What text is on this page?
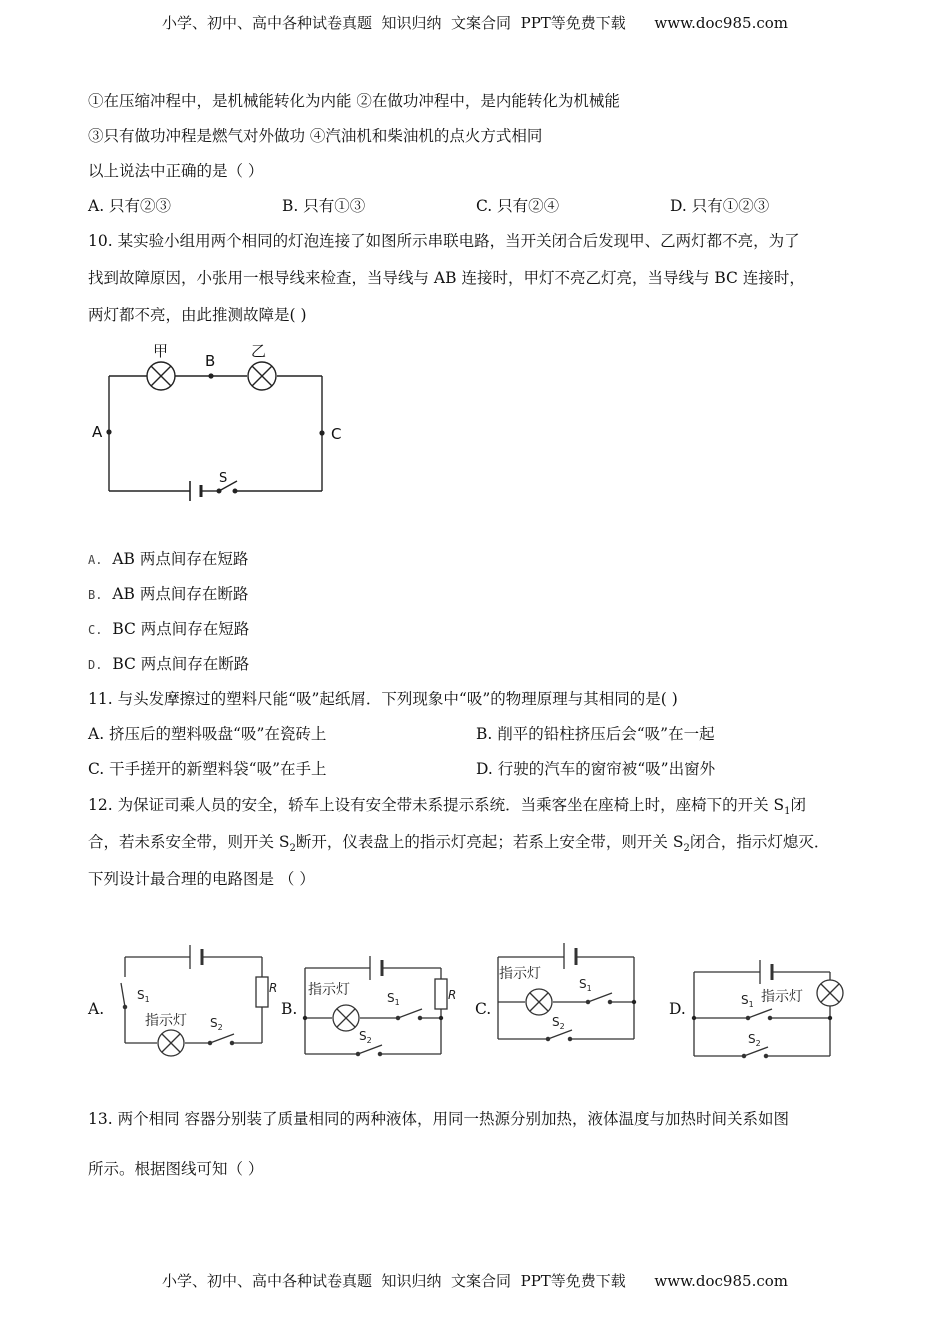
小学、初中、高中各种试卷真题  知识归纳  文案合同  PPT等免费下载      www.doc985.com
①在压缩冲程中，是机械能转化为内能 ②在做功冲程中，是内能转化为机械能
③只有做功冲程是燃气对外做功 ④汽油机和柴油机的点火方式相同
以上说法中正确的是（ ）
A. 只有②③	B. 只有①③	C. 只有②④	D. 只有①②③
10. 某实验小组用两个相同的灯泡连接了如图所示串联电路，当开关闭合后发现甲、乙两灯都不亮，为了
找到故障原因，小张用一根导线来检查，当导线与 AB 连接时，甲灯不亮乙灯亮，当导线与 BC 连接时，
两灯都不亮，由此推测故障是( )
甲	乙
B
A	C
S
A. AB 两点间存在短路
B. AB 两点间存在断路
C. BC 两点间存在短路
D. BC 两点间存在断路
11. 与头发摩擦过的塑料尺能“吸”起纸屑．下列现象中“吸”的物理原理与其相同的是( )
A. 挤压后的塑料吸盘“吸”在瓷砖上	B. 削平的铅柱挤压后会“吸”在一起
C. 干手搓开的新塑料袋“吸”在手上	D. 行驶的汽车的窗帘被“吸”出窗外
12. 为保证司乘人员的安全，轿车上设有安全带未系提示系统．当乘客坐在座椅上时，座椅下的开关 $S_1$闭
合，若未系安全带，则开关 $S_2$断开，仪表盘上的指示灯亮起；若系上安全带，则开关 $S_2$闭合，指示灯熄灭．
下列设计最合理的电路图是 （ ）
A.	B.	C.	D.
$S_1$
指示灯 $S_2$
R 指示灯	$S_1$
$S_2$
R
指示灯
$S_1$
$S_2$
$S_1$ 指示灯
$S_2$
13. 两个相同 容器分别装了质量相同的两种液体，用同一热源分别加热，液体温度与加热时间关系如图
所示。根据图线可知（ ）
小学、初中、高中各种试卷真题  知识归纳  文案合同  PPT等免费下载      www.doc985.com
